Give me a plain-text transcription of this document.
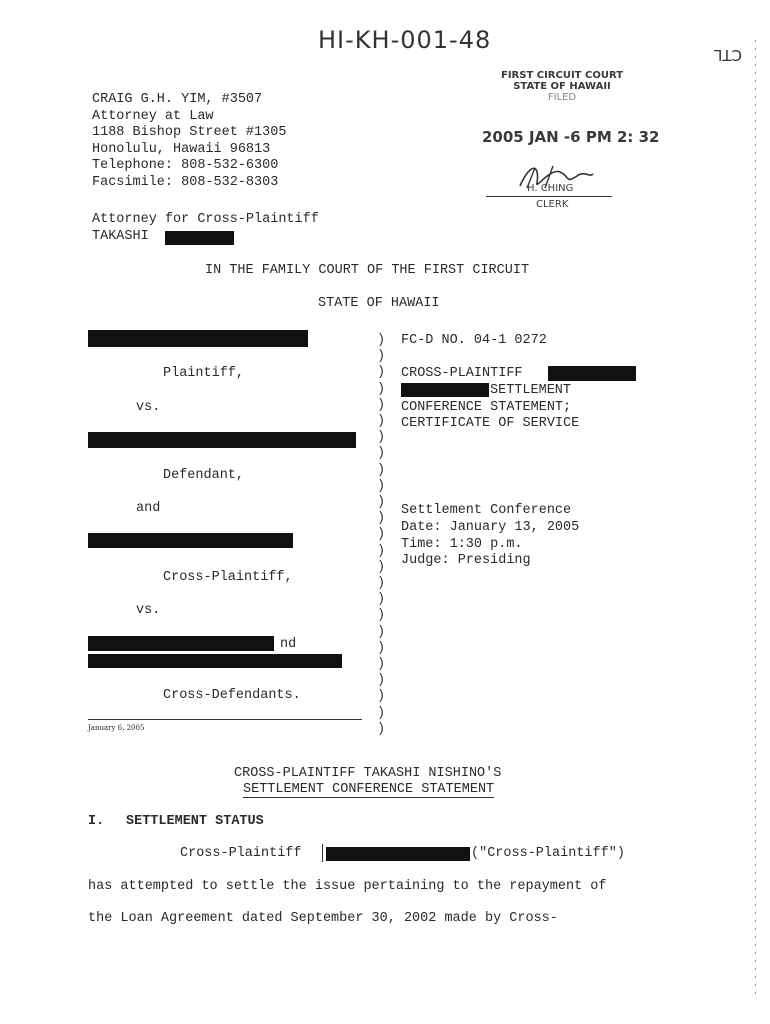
HI-KH-001-48
CTL
CRAIG G.H. YIM, #3507
Attorney at Law
1188 Bishop Street #1305
Honolulu, Hawaii 96813
Telephone: 808-532-6300
Facsimile: 808-532-8303
Attorney for Cross-Plaintiff
TAKASHI
FIRST CIRCUIT COURT
STATE OF HAWAII
FILED
2005 JAN -6 PM 2: 32
H. CHING
CLERK
IN THE FAMILY COURT OF THE FIRST CIRCUIT
STATE OF HAWAII
Plaintiff,
vs.
Defendant,
and
Cross-Plaintiff,
vs.
nd
Cross-Defendants.
January 6, 2005
)
)
)
)
)
)
)
)
)
)
)
)
)
)
)
)
)
)
)
)
)
)
)
)
)
FC-D NO. 04-1 0272
CROSS-PLAINTIFF
SETTLEMENT
CONFERENCE STATEMENT;
CERTIFICATE OF SERVICE
Settlement Conference
Date: January 13, 2005
Time: 1:30 p.m.
Judge: Presiding
CROSS-PLAINTIFF TAKASHI NISHINO'S
SETTLEMENT CONFERENCE STATEMENT
I. SETTLEMENT STATUS
Cross-Plaintiff	("Cross-Plaintiff")
has attempted to settle the issue pertaining to the repayment of
the Loan Agreement dated September 30, 2002 made by Cross-
